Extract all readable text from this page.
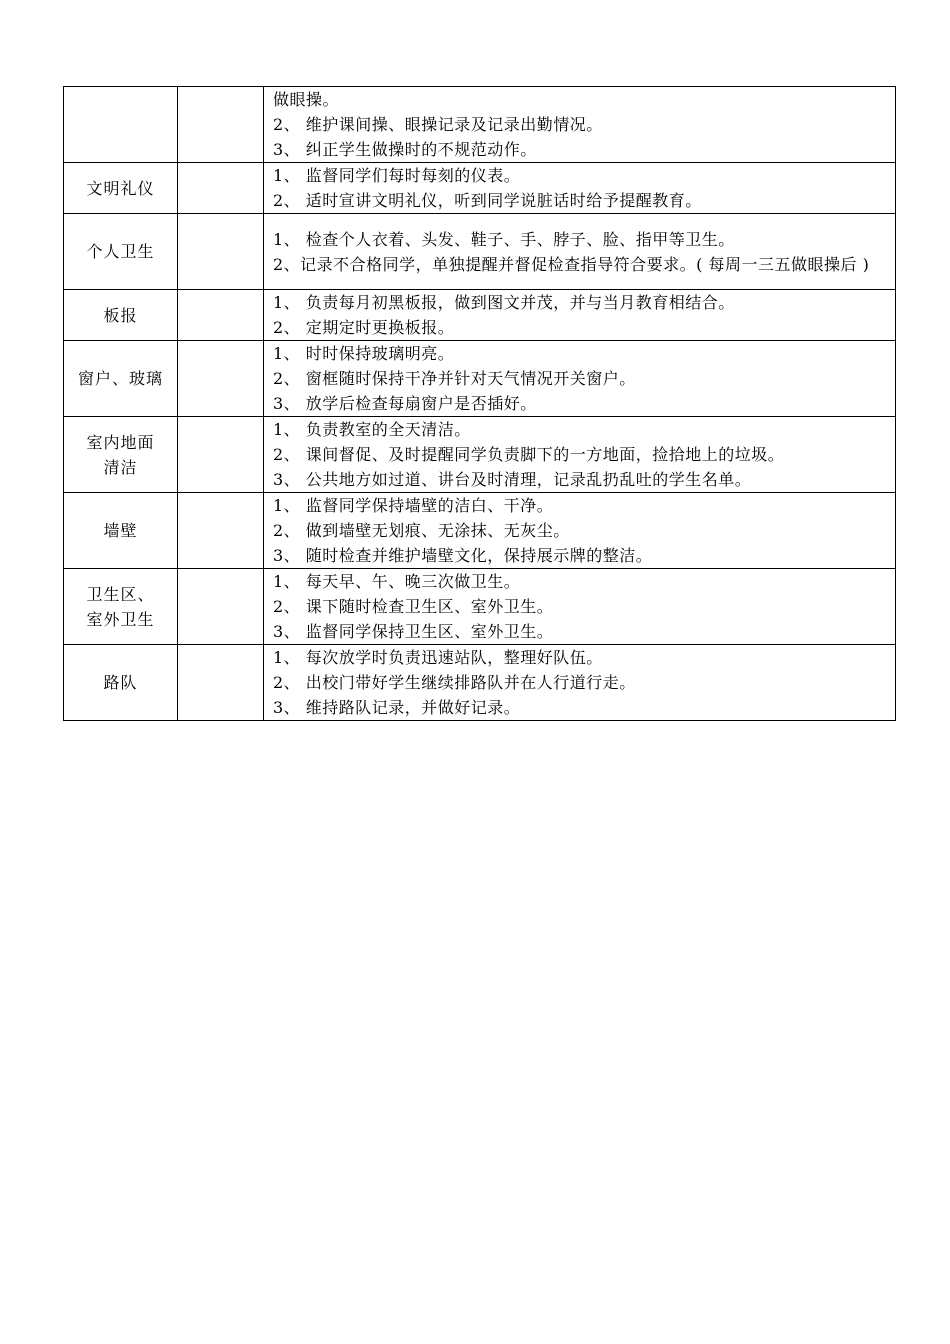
		做眼操。
2、 维护课间操、眼操记录及记录出勤情况。
3、 纠正学生做操时的不规范动作。

文明礼仪		1、 监督同学们每时每刻的仪表。
2、 适时宣讲文明礼仪，听到同学说脏话时给予提醒教育。

个人卫生		1、 检查个人衣着、头发、鞋子、手、脖子、脸、指甲等卫生。
2、记录不合格同学，单独提醒并督促检查指导符合要求。( 每周一三五做眼操后 )

板报		1、 负责每月初黑板报，做到图文并茂，并与当月教育相结合。
2、 定期定时更换板报。

窗户、玻璃		1、 时时保持玻璃明亮。
2、 窗框随时保持干净并针对天气情况开关窗户。
3、 放学后检查每扇窗户是否插好。

室内地面
清洁		1、 负责教室的全天清洁。
2、 课间督促、及时提醒同学负责脚下的一方地面，捡拾地上的垃圾。
3、 公共地方如过道、讲台及时清理，记录乱扔乱吐的学生名单。

墙壁		1、 监督同学保持墙壁的洁白、干净。
2、 做到墙壁无划痕、无涂抹、无灰尘。
3、 随时检查并维护墙壁文化，保持展示牌的整洁。

卫生区、
室外卫生		1、 每天早、午、晚三次做卫生。
2、 课下随时检查卫生区、室外卫生。
3、 监督同学保持卫生区、室外卫生。

路队		1、 每次放学时负责迅速站队，整理好队伍。
2、 出校门带好学生继续排路队并在人行道行走。
3、 维持路队记录，并做好记录。
